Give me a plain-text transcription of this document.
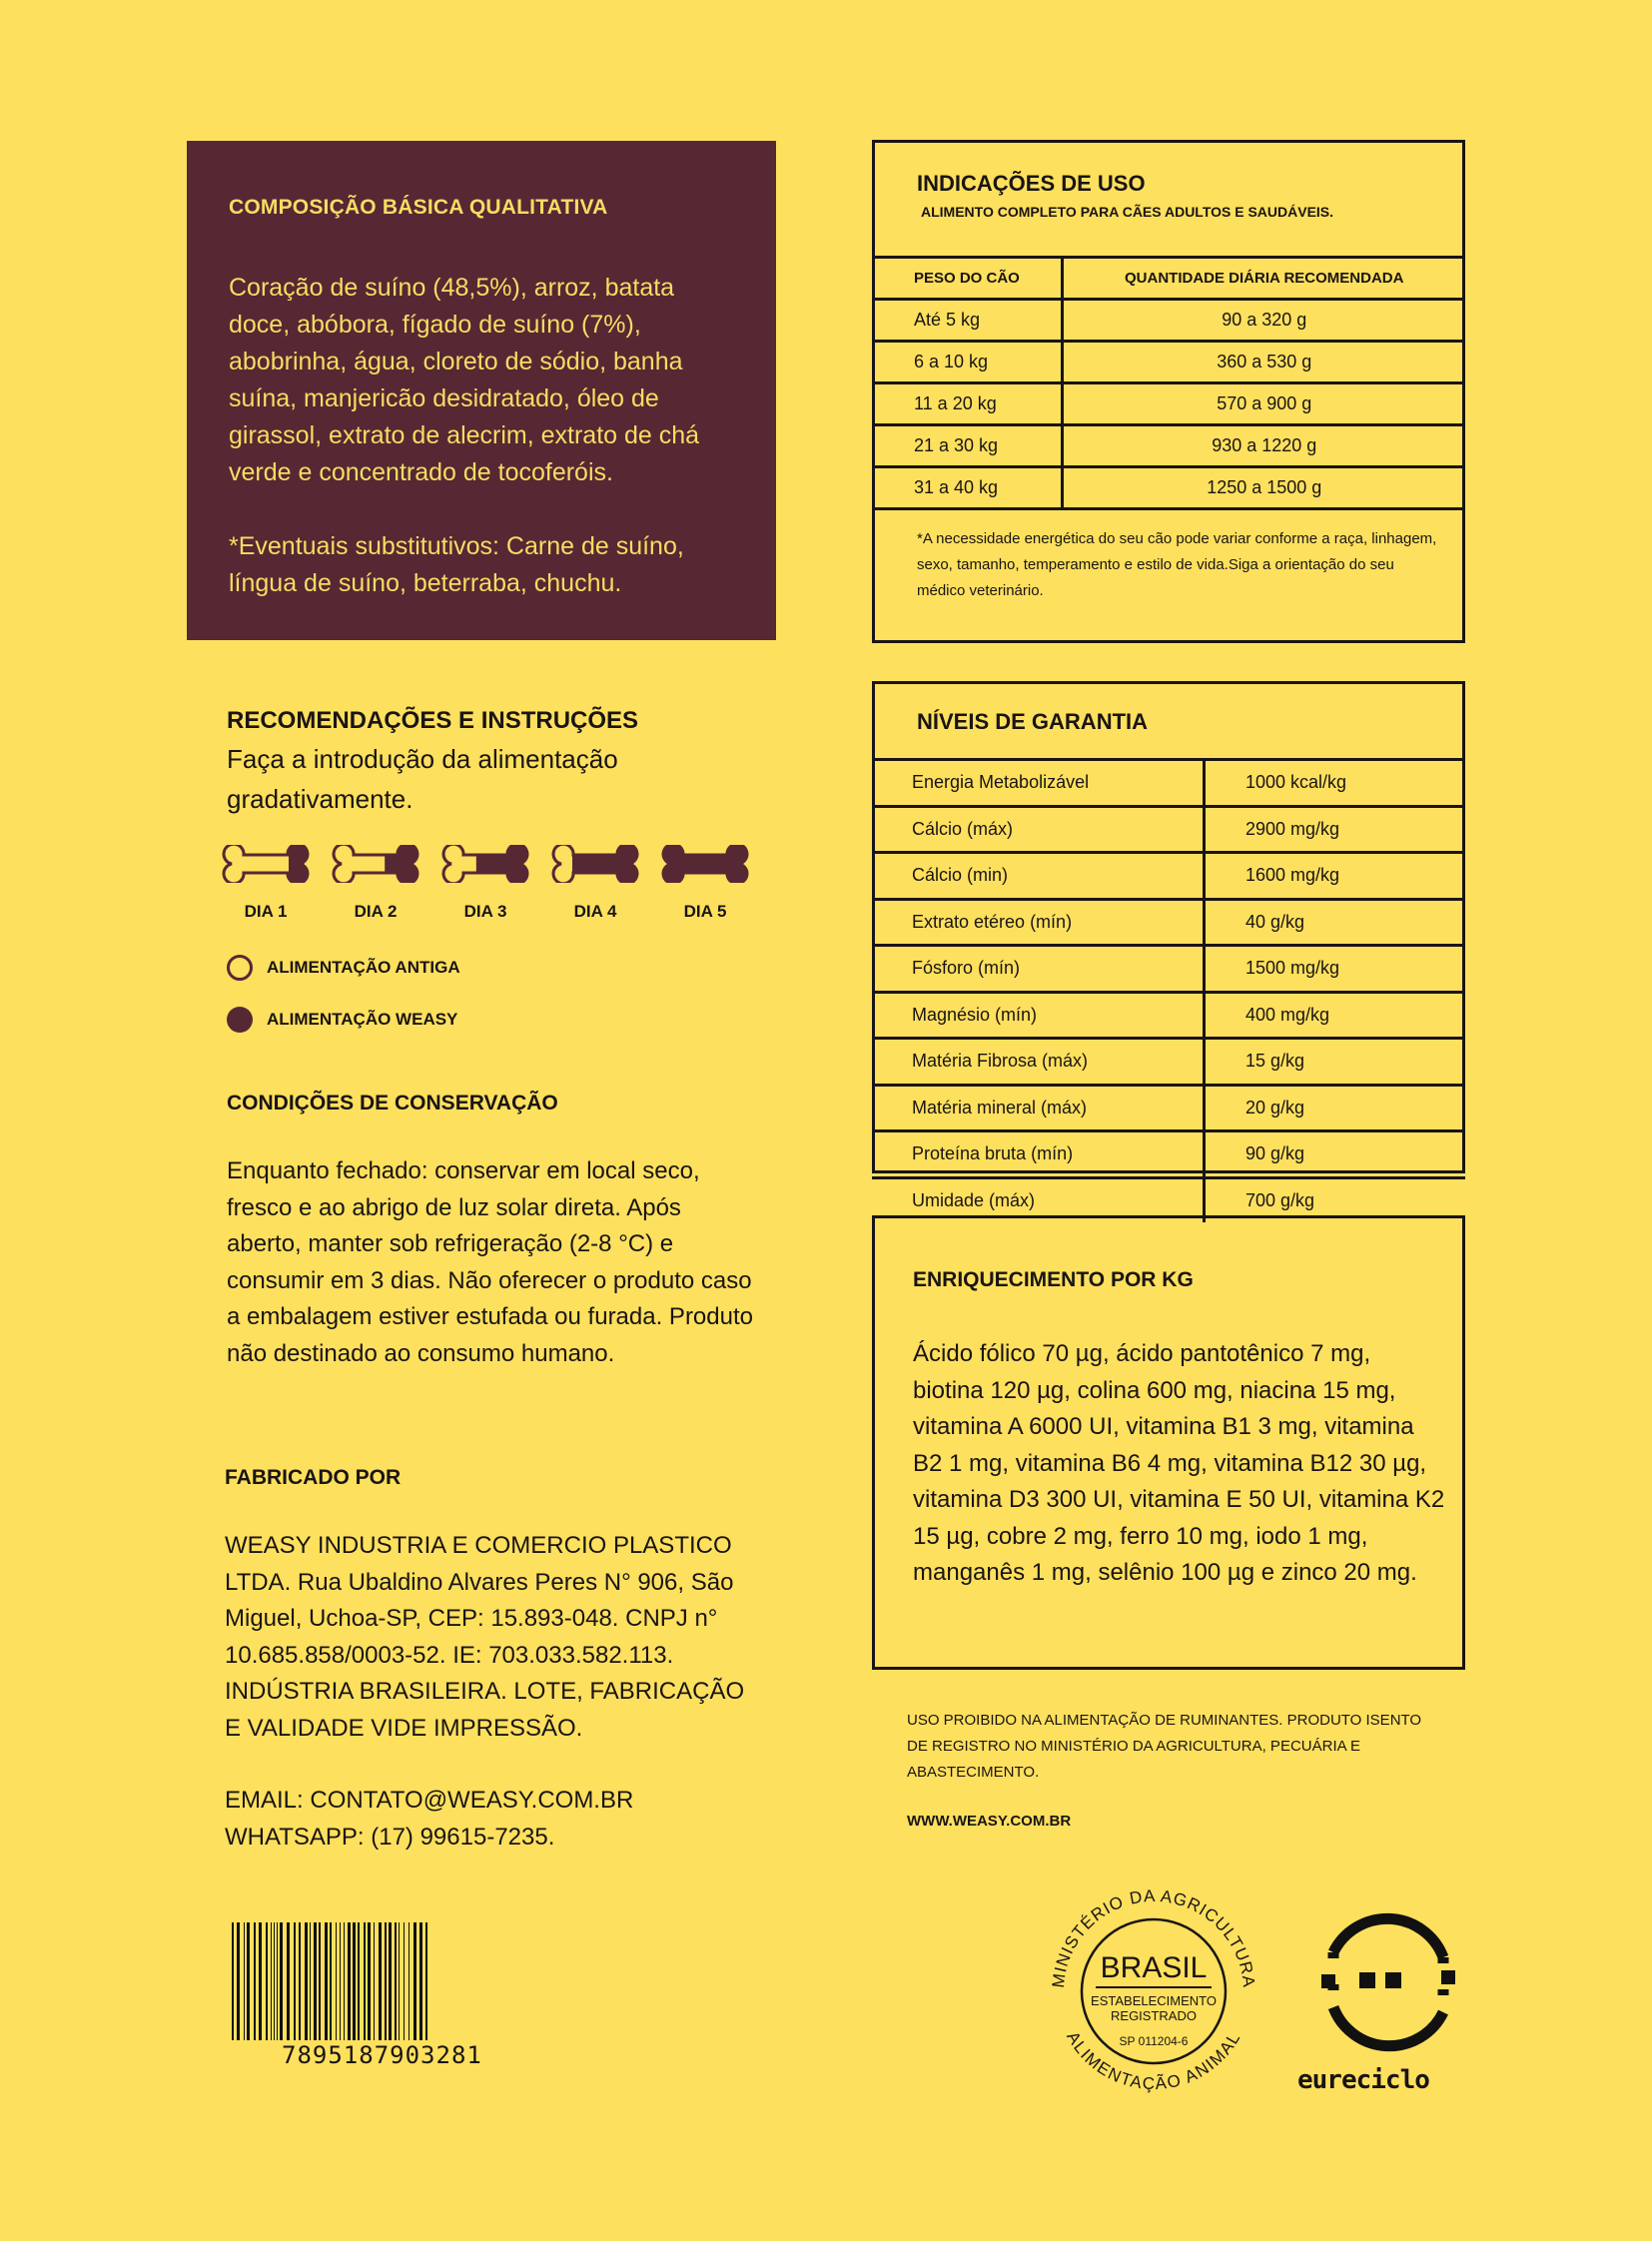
COMPOSIÇÃO BÁSICA QUALITATIVA
Coração de suíno (48,5%), arroz, batata doce, abóbora, fígado de suíno (7%), abobrinha, água, cloreto de sódio, banha suína, manjericão desidratado, óleo de girassol, extrato de alecrim, extrato de chá verde e concentrado de tocoferóis.
*Eventuais substitutivos: Carne de suíno, língua de suíno, beterraba, chuchu.
RECOMENDAÇÕES E INSTRUÇÕES
Faça a introdução da alimentação gradativamente.
DIA 1	DIA 2	DIA 3	DIA 4	DIA 5
ALIMENTAÇÃO ANTIGA
ALIMENTAÇÃO WEASY
CONDIÇÕES DE CONSERVAÇÃO
Enquanto fechado: conservar em local seco, fresco e ao abrigo de luz solar direta. Após aberto, manter sob refrigeração (2-8 °C) e consumir em 3 dias. Não oferecer o produto caso a embalagem estiver estufada ou furada. Produto não destinado ao consumo humano.
FABRICADO POR
WEASY INDUSTRIA E COMERCIO PLASTICO LTDA. Rua Ubaldino Alvares Peres N° 906, São Miguel, Uchoa-SP, CEP: 15.893-048. CNPJ n° 10.685.858/0003-52. IE: 703.033.582.113. INDÚSTRIA BRASILEIRA. LOTE, FABRICAÇÃO E VALIDADE VIDE IMPRESSÃO.
EMAIL: CONTATO@WEASY.COM.BR
WHATSAPP: (17) 99615-7235.
7895187903281
INDICAÇÕES DE USO
ALIMENTO COMPLETO PARA CÃES ADULTOS E SAUDÁVEIS.
PESO DO CÃO	QUANTIDADE DIÁRIA RECOMENDADA
Até 5 kg	90 a 320 g
6 a 10 kg	360 a 530 g
11 a 20 kg	570 a 900 g
21 a 30 kg	930 a 1220 g
31 a 40 kg	1250 a 1500 g
*A necessidade energética do seu cão pode variar conforme a raça, linhagem, sexo, tamanho, temperamento e estilo de vida.Siga a orientação do seu médico veterinário.
NÍVEIS DE GARANTIA
Energia Metabolizável	1000 kcal/kg
Cálcio (máx)	2900 mg/kg
Cálcio (min)	1600 mg/kg
Extrato etéreo (mín)	40 g/kg
Fósforo (mín)	1500 mg/kg
Magnésio (mín)	400 mg/kg
Matéria Fibrosa (máx)	15 g/kg
Matéria mineral (máx)	20 g/kg
Proteína bruta (mín)	90 g/kg
Umidade (máx)	700 g/kg
ENRIQUECIMENTO POR KG
Ácido fólico 70 µg, ácido pantotênico 7 mg, biotina 120 µg, colina 600 mg, niacina 15 mg, vitamina A 6000 UI, vitamina B1 3 mg, vitamina B2 1 mg, vitamina B6 4 mg, vitamina B12 30 µg, vitamina D3 300 UI, vitamina E 50 UI, vitamina K2 15 µg, cobre 2 mg, ferro 10 mg, iodo 1 mg, manganês 1 mg, selênio 100 µg e zinco 20 mg.
USO PROIBIDO NA ALIMENTAÇÃO DE RUMINANTES. PRODUTO ISENTO DE REGISTRO NO MINISTÉRIO DA AGRICULTURA, PECUÁRIA E ABASTECIMENTO.
WWW.WEASY.COM.BR
MINISTÉRIO DA AGRICULTURA
ALIMENTAÇÃO ANIMAL
BRASIL
ESTABELECIMENTO
REGISTRADO
SP 011204-6
eureciclo
